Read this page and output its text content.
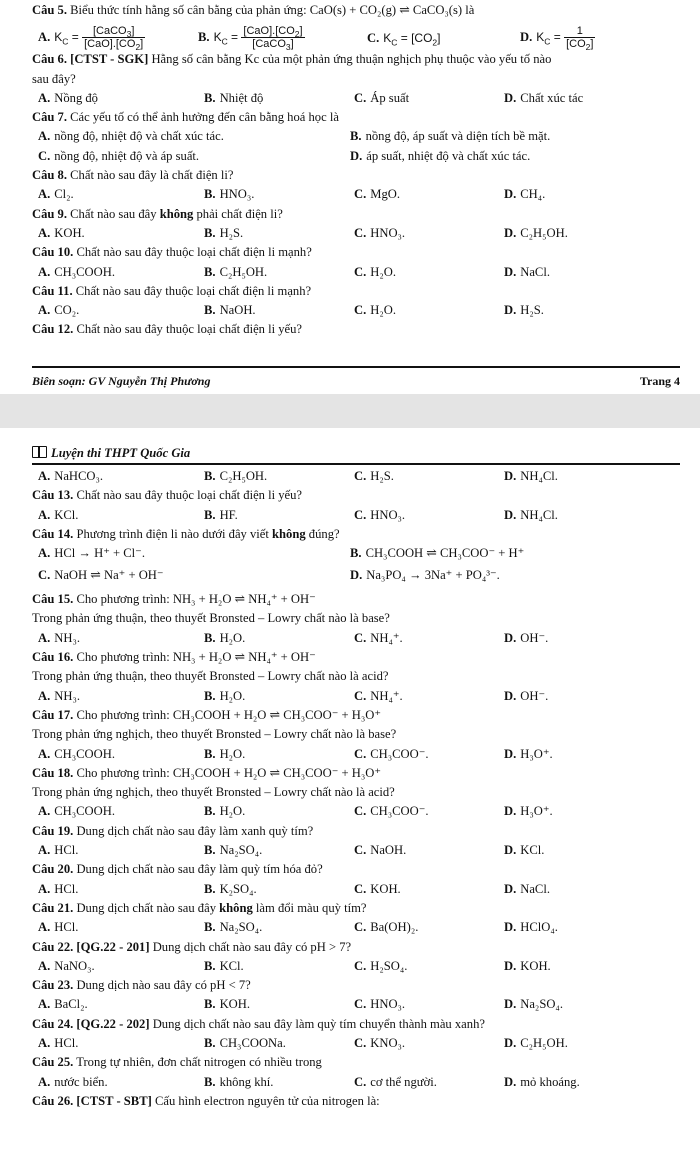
Câu 5. Biểu thức tính hằng số cân bằng của phản ứng: CaO(s) + CO₂(g) ⇌ CaCO₃(s) là
A. $K_C = \frac{[CaCO_3]}{[CaO].[CO_2]}$	B. $K_C = \frac{[CaO].[CO_2]}{[CaCO_3]}$	C. $K_C = [CO_2]$	D. $K_C = \frac{1}{[CO_2]}$
Câu 6. [CTST - SGK] Hằng số cân bằng Kc của một phản ứng thuận nghịch phụ thuộc vào yếu tố nào
sau đây?
A. Nồng độ	B. Nhiệt độ	C. Áp suất	D. Chất xúc tác
Câu 7. Các yếu tố có thể ảnh hưởng đến cân bằng hoá học là
A. nồng độ, nhiệt độ và chất xúc tác.	B. nồng độ, áp suất và diện tích bề mặt.
C. nồng độ, nhiệt độ và áp suất.	D. áp suất, nhiệt độ và chất xúc tác.
Câu 8. Chất nào sau đây là chất điện li?
A. Cl₂.	B. HNO₃.	C. MgO.	D. CH₄.
Câu 9. Chất nào sau đây không phải chất điện li?
A. KOH.	B. H₂S.	C. HNO₃.	D. C₂H₅OH.
Câu 10. Chất nào sau đây thuộc loại chất điện li mạnh?
A. CH₃COOH.	B. C₂H₅OH.	C. H₂O.	D. NaCl.
Câu 11. Chất nào sau đây thuộc loại chất điện li mạnh?
A. CO₂.	B. NaOH.	C. H₂O.	D. H₂S.
Câu 12. Chất nào sau đây thuộc loại chất điện li yếu?
Biên soạn: GV Nguyễn Thị Phương	Trang 4
Luyện thi THPT Quốc Gia
A. NaHCO₃.	B. C₂H₅OH.	C. H₂S.	D. NH₄Cl.
Câu 13. Chất nào sau đây thuộc loại chất điện li yếu?
A. KCl.	B. HF.	C. HNO₃.	D. NH₄Cl.
Câu 14. Phương trình điện li nào dưới đây viết không đúng?
A. HCl → H⁺ + Cl⁻.	B. CH₃COOH ⇌ CH₃COO⁻ + H⁺
C. NaOH ⇌ Na⁺ + OH⁻	D. Na₃PO₄ → 3Na⁺ + PO₄³⁻.
Câu 15. Cho phương trình: NH₃ + H₂O ⇌ NH₄⁺ + OH⁻
Trong phản ứng thuận, theo thuyết Bronsted – Lowry chất nào là base?
A. NH₃.	B. H₂O.	C. NH₄⁺.	D. OH⁻.
Câu 16. Cho phương trình: NH₃ + H₂O ⇌ NH₄⁺ + OH⁻
Trong phản ứng thuận, theo thuyết Bronsted – Lowry chất nào là acid?
A. NH₃.	B. H₂O.	C. NH₄⁺.	D. OH⁻.
Câu 17. Cho phương trình: CH₃COOH + H₂O ⇌ CH₃COO⁻ + H₃O⁺
Trong phản ứng nghịch, theo thuyết Bronsted – Lowry chất nào là base?
A. CH₃COOH.	B. H₂O.	C. CH₃COO⁻.	D. H₃O⁺.
Câu 18. Cho phương trình: CH₃COOH + H₂O ⇌ CH₃COO⁻ + H₃O⁺
Trong phản ứng nghịch, theo thuyết Bronsted – Lowry chất nào là acid?
A. CH₃COOH.	B. H₂O.	C. CH₃COO⁻.	D. H₃O⁺.
Câu 19. Dung dịch chất nào sau đây làm xanh quỳ tím?
A. HCl.	B. Na₂SO₄.	C. NaOH.	D. KCl.
Câu 20. Dung dịch chất nào sau đây làm quỳ tím hóa đỏ?
A. HCl.	B. K₂SO₄.	C. KOH.	D. NaCl.
Câu 21. Dung dịch chất nào sau đây không làm đổi màu quỳ tím?
A. HCl.	B. Na₂SO₄.	C. Ba(OH)₂.	D. HClO₄.
Câu 22. [QG.22 - 201] Dung dịch chất nào sau đây có pH > 7?
A. NaNO₃.	B. KCl.	C. H₂SO₄.	D. KOH.
Câu 23. Dung dịch nào sau đây có pH < 7?
A. BaCl₂.	B. KOH.	C. HNO₃.	D. Na₂SO₄.
Câu 24. [QG.22 - 202] Dung dịch chất nào sau đây làm quỳ tím chuyển thành màu xanh?
A. HCl.	B. CH₃COONa.	C. KNO₃.	D. C₂H₅OH.
Câu 25. Trong tự nhiên, đơn chất nitrogen có nhiều trong
A. nước biển.	B. không khí.	C. cơ thể người.	D. mỏ khoáng.
Câu 26. [CTST - SBT] Cấu hình electron nguyên tử của nitrogen là:
